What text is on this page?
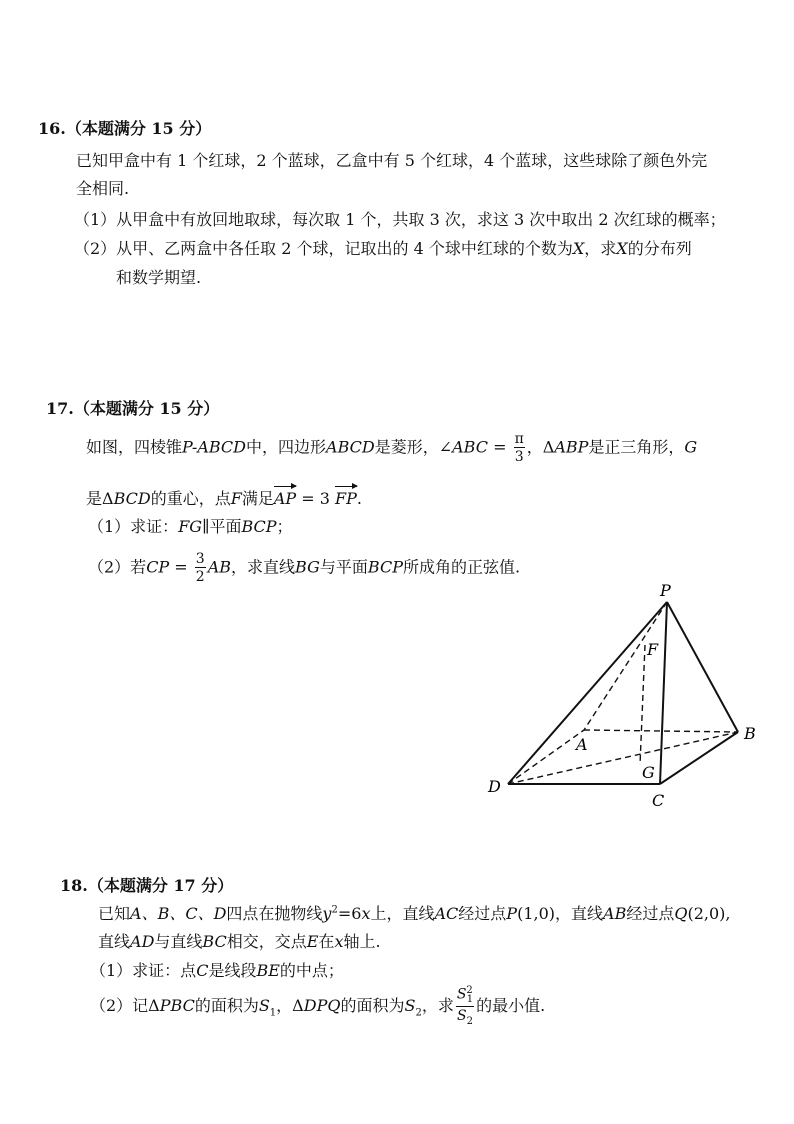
16.（本题满分 15 分）
已知甲盒中有 1 个红球，2 个蓝球，乙盒中有 5 个红球，4 个蓝球，这些球除了颜色外完
全相同.
（1）从甲盒中有放回地取球，每次取 1 个，共取 3 次，求这 3 次中取出 2 次红球的概率；
（2）从甲、乙两盒中各任取 2 个球，记取出的 4 个球中红球的个数为X，求X的分布列
和数学期望.
17.（本题满分 15 分）
如图，四棱锥P-ABCD中，四边形ABCD是菱形，∠ABC = $\frac{\pi}{3}$ ，ΔABP是正三角形，G
是ΔBCD的重心，点F满足AP = 3 FP.
（1）求证：FG∥平面BCP；
（2）若CP = $\frac{3}{2}$ AB，求直线BG与平面BCP所成角的正弦值.
P
F
A
B
G
D
C
18.（本题满分 17 分）
已知A、B、C、D四点在抛物线$y^2=6x$上，直线AC经过点P(1,0)，直线AB经过点Q(2,0),
直线AD与直线BC相交，交点E在x轴上.
（1）求证：点C是线段BE的中点；
（2）记ΔPBC的面积为$S_1$，ΔDPQ的面积为$S_2$，求 $\frac{S^2_1}{S_2}$ 的最小值.
